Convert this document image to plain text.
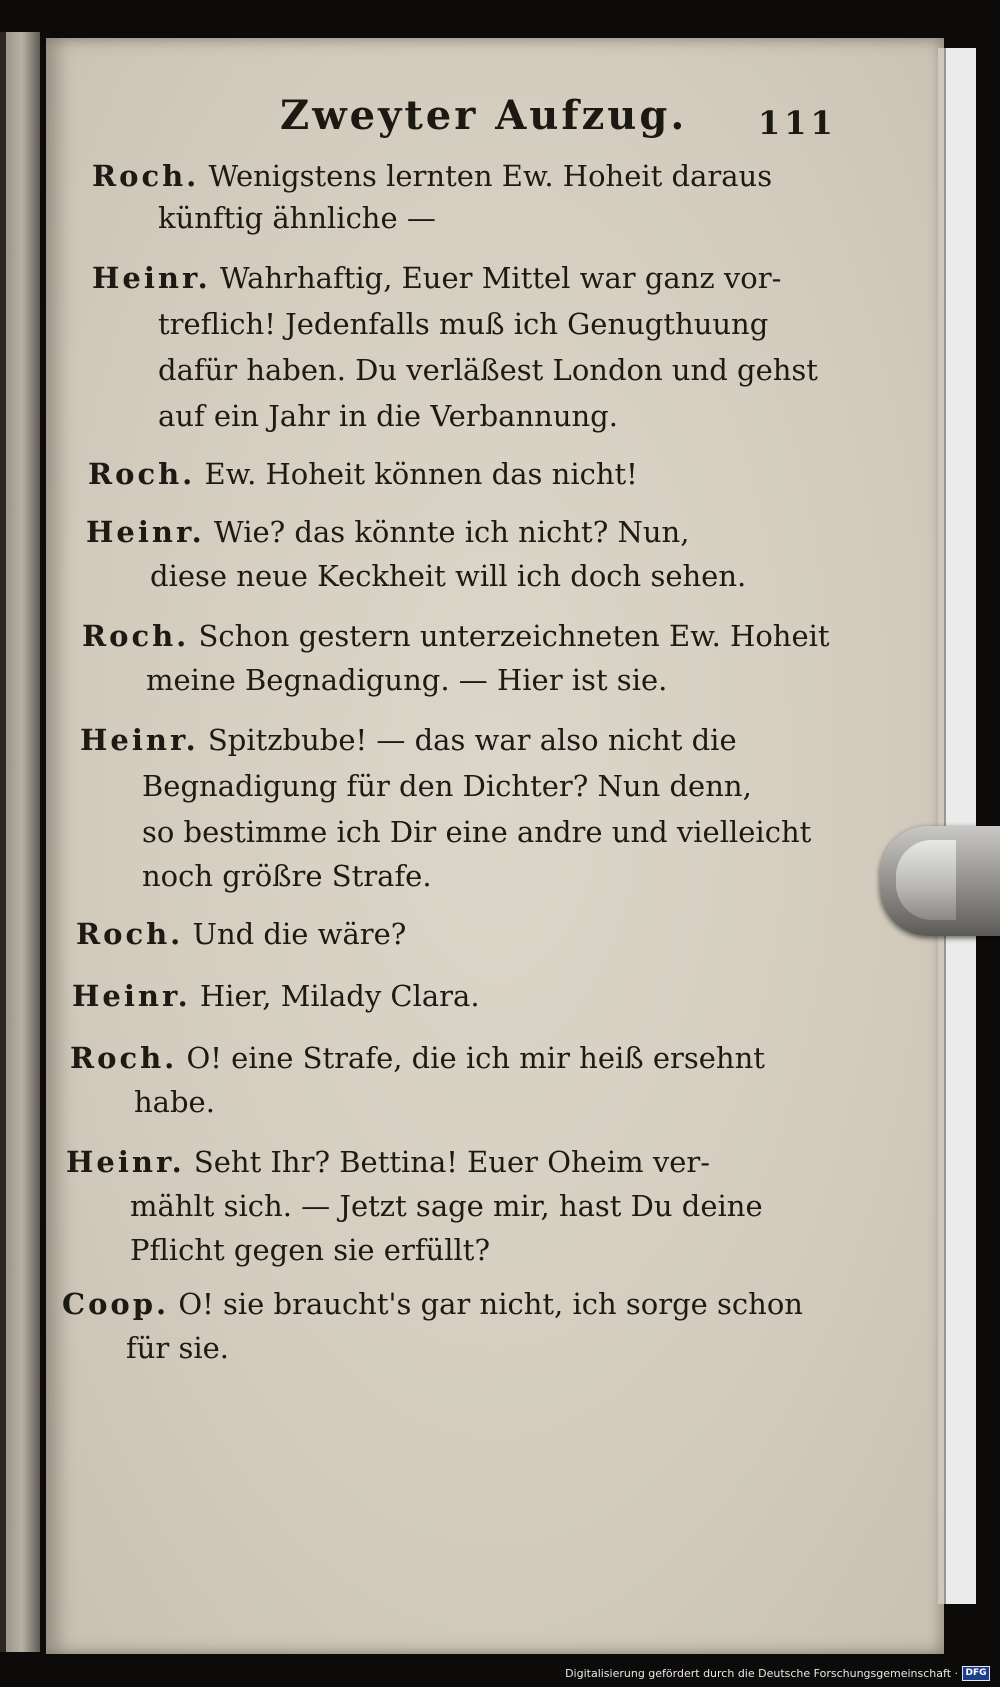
Zweyter Aufzug. 111
Roch. Wenigstens lernten Ew. Hoheit daraus
künftig ähnliche —
Heinr. Wahrhaftig, Euer Mittel war ganz vor-
treflich! Jedenfalls muß ich Genugthuung
dafür haben. Du verläßest London und gehst
auf ein Jahr in die Verbannung.
Roch. Ew. Hoheit können das nicht!
Heinr. Wie? das könnte ich nicht? Nun,
diese neue Keckheit will ich doch sehen.
Roch. Schon gestern unterzeichneten Ew. Hoheit
meine Begnadigung. — Hier ist sie.
Heinr. Spitzbube! — das war also nicht die
Begnadigung für den Dichter? Nun denn,
so bestimme ich Dir eine andre und vielleicht
noch größre Strafe.
Roch. Und die wäre?
Heinr. Hier, Milady Clara.
Roch. O! eine Strafe, die ich mir heiß ersehnt
habe.
Heinr. Seht Ihr? Bettina! Euer Oheim ver-
mählt sich. — Jetzt sage mir, hast Du deine
Pflicht gegen sie erfüllt?
Coop. O! sie braucht's gar nicht, ich sorge schon
für sie.
Digitalisierung gefördert durch die Deutsche Forschungsgemeinschaft · DFG
